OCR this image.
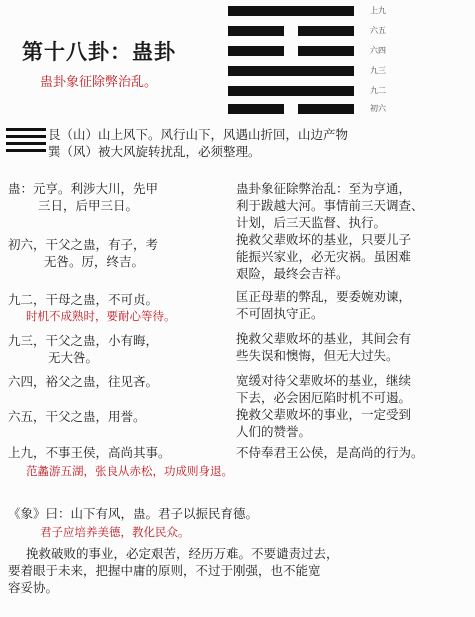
第十八卦：蛊卦
蛊卦象征除弊治乱。
上九
六五
六四
九三
九二
初六
艮（山）山上风下。风行山下，风遇山折回，山边产物
巽（风）被大风旋转扰乱，必须整理。
蛊：元亨。利涉大川，先甲
三日，后甲三日。
初六，干父之蛊，有子，考
无咎。厉，终吉。
九二，干母之蛊，不可贞。
时机不成熟时，要耐心等待。
九三，干父之蛊，小有晦，
无大咎。
六四，裕父之蛊，往见吝。
六五，干父之蛊，用誉。
上九，不事王侯，高尚其事。
范蠡游五湖，张良从赤松，功成则身退。
蛊卦象征除弊治乱：至为亨通，
利于跋越大河。事情前三天调查、
计划，后三天监督、执行。
挽救父辈败坏的基业，只要儿子
能振兴家业，必无灾祸。虽困难
艰险，最终会吉祥。
匡正母辈的弊乱，要委婉劝谏，
不可固执守正。
挽救父辈败坏的基业，其间会有
些失误和懊悔，但无大过失。
宽缓对待父辈败坏的基业，继续
下去，必会困厄陷时机不可遏。
挽救父辈败坏的事业，一定受到
人们的赞誉。
不侍奉君王公侯，是高尚的行为。
《象》曰：山下有风，蛊。君子以振民育德。
君子应培养美德，教化民众。
挽救破败的事业，必定艰苦，经历万难。不要谴责过去，
要着眼于未来，把握中庸的原则，不过于刚强，也不能宽
容妥协。
